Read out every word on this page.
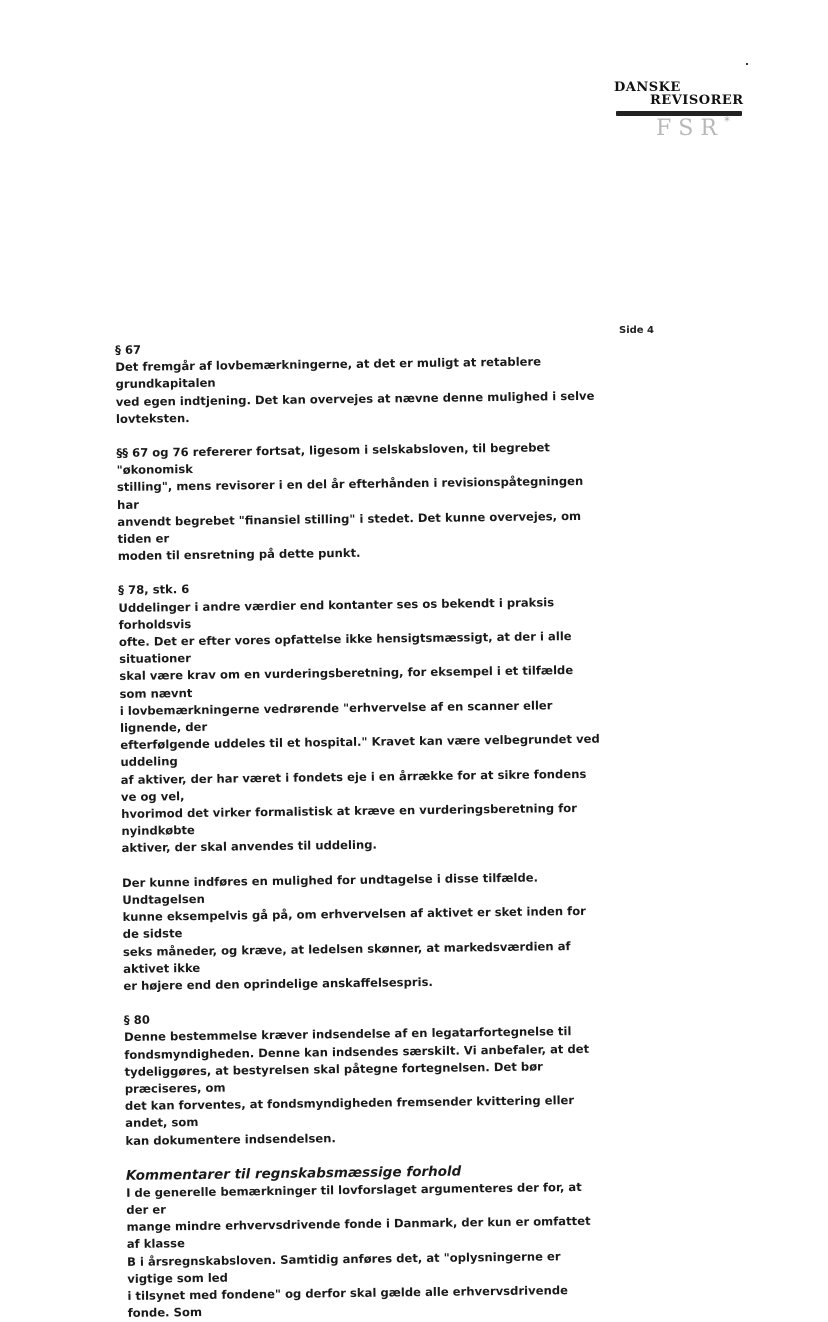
DANSKE
REVISORER
FSR *
Side 4

§ 67
Det fremgår af lovbemærkningerne, at det er muligt at retablere grundkapitalen
ved egen indtjening. Det kan overvejes at nævne denne mulighed i selve
lovteksten.

§§ 67 og 76 refererer fortsat, ligesom i selskabsloven, til begrebet "økonomisk
stilling", mens revisorer i en del år efterhånden i revisionspåtegningen har
anvendt begrebet "finansiel stilling" i stedet. Det kunne overvejes, om tiden er
moden til ensretning på dette punkt.

§ 78, stk. 6
Uddelinger i andre værdier end kontanter ses os bekendt i praksis forholdsvis
ofte. Det er efter vores opfattelse ikke hensigtsmæssigt, at der i alle situationer
skal være krav om en vurderingsberetning, for eksempel i et tilfælde som nævnt
i lovbemærkningerne vedrørende "erhvervelse af en scanner eller lignende, der
efterfølgende uddeles til et hospital." Kravet kan være velbegrundet ved uddeling
af aktiver, der har været i fondets eje i en årrække for at sikre fondens ve og vel,
hvorimod det virker formalistisk at kræve en vurderingsberetning for nyindkøbte
aktiver, der skal anvendes til uddeling.

Der kunne indføres en mulighed for undtagelse i disse tilfælde. Undtagelsen
kunne eksempelvis gå på, om erhvervelsen af aktivet er sket inden for de sidste
seks måneder, og kræve, at ledelsen skønner, at markedsværdien af aktivet ikke
er højere end den oprindelige anskaffelsespris.

§ 80
Denne bestemmelse kræver indsendelse af en legatarfortegnelse til
fondsmyndigheden. Denne kan indsendes særskilt. Vi anbefaler, at det
tydeliggøres, at bestyrelsen skal påtegne fortegnelsen. Det bør præciseres, om
det kan forventes, at fondsmyndigheden fremsender kvittering eller andet, som
kan dokumentere indsendelsen.

Kommentarer til regnskabsmæssige forhold

I de generelle bemærkninger til lovforslaget argumenteres der for, at der er
mange mindre erhvervsdrivende fonde i Danmark, der kun er omfattet af klasse
B i årsregnskabsloven. Samtidig anføres det, at "oplysningerne er vigtige som led
i tilsynet med fondene" og derfor skal gælde alle erhvervsdrivende fonde. Som
